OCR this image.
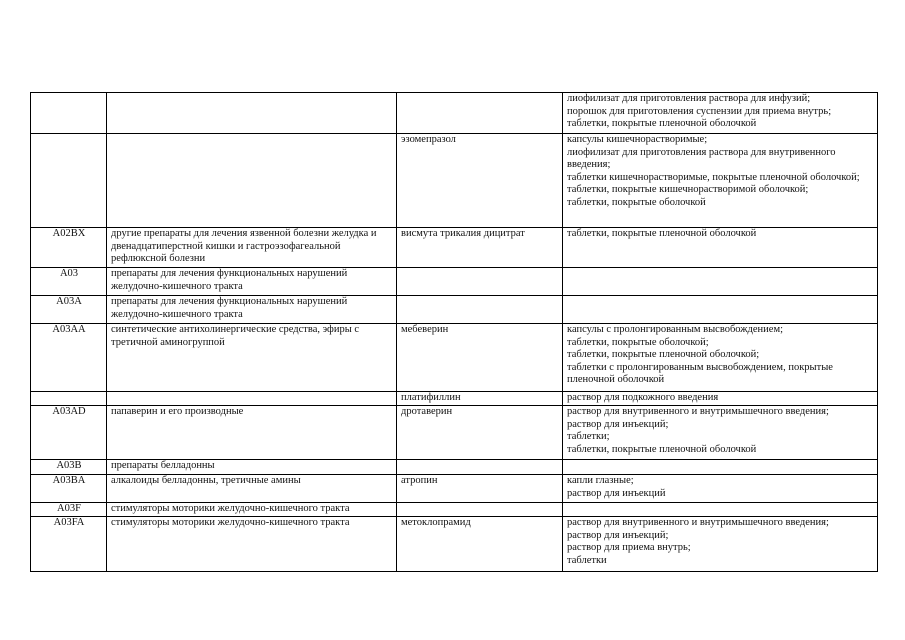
			лиофилизат для приготовления раствора для инфузий;
порошок для приготовления суспензии для приема внутрь;
таблетки, покрытые пленочной оболочкой
		эзомепразол	капсулы кишечнорастворимые;
лиофилизат для приготовления раствора для внутривенного введения;
таблетки кишечнорастворимые, покрытые пленочной оболочкой;
таблетки, покрытые кишечнорастворимой оболочкой;
таблетки, покрытые оболочкой
A02BX	другие препараты для лечения язвенной болезни желудка и двенадцатиперстной кишки и гастроэзофагеальной рефлюксной болезни	висмута трикалия дицитрат	таблетки, покрытые пленочной оболочкой
A03	препараты для лечения функциональных нарушений желудочно-кишечного тракта		
A03A	препараты для лечения функциональных нарушений желудочно-кишечного тракта		
A03AA	синтетические антихолинергические средства, эфиры с третичной аминогруппой	мебеверин	капсулы с пролонгированным высвобождением;
таблетки, покрытые оболочкой;
таблетки, покрытые пленочной оболочкой;
таблетки с пролонгированным высвобождением, покрытые пленочной оболочкой
		платифиллин	раствор для подкожного введения
A03AD	папаверин и его производные	дротаверин	раствор для внутривенного и внутримышечного введения;
раствор для инъекций;
таблетки;
таблетки, покрытые пленочной оболочкой
A03B	препараты белладонны		
A03BA	алкалоиды белладонны, третичные амины	атропин	капли глазные;
раствор для инъекций
A03F	стимуляторы моторики желудочно-кишечного тракта		
A03FA	стимуляторы моторики желудочно-кишечного тракта	метоклопрамид	раствор для внутривенного и внутримышечного введения;
раствор для инъекций;
раствор для приема внутрь;
таблетки
